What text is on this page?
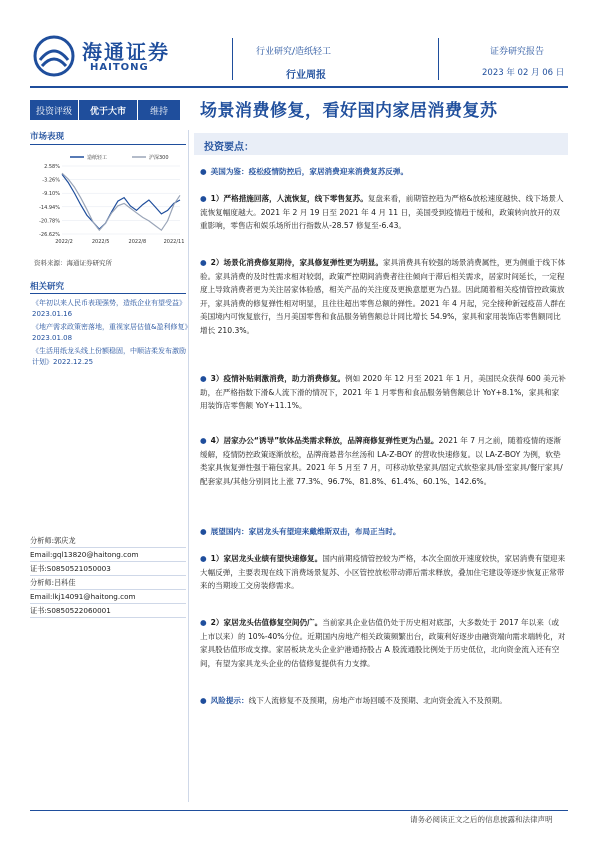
海通证券
HAITONG
行业研究/造纸轻工
行业周报
证券研究报告
2023 年 02 月 06 日
投资评级	优于大市	维持	场景消费修复，看好国内家居消费复苏
市场表现
2.58%
-3.26%
-9.10%
-14.94%
-20.78%
-26.62%
2022/2	2022/5	2022/8	2022/11
造纸轻工	沪深300
资料来源：海通证券研究所
相关研究
《年初以来人民币表现强势，造纸企业有望受益》2023.01.16
《地产需求政策密落地，重视家居估值&盈利修复》2023.01.08
《生活用纸龙头线上份额稳固，中顺洁柔发布激励计划》2022.12.25
分析师:郭庆龙
Email:gql13820@haitong.com
证书:S0850521050003
分析师:吕科佳
Email:lkj14091@haitong.com
证书:S0850522060001
投资要点：
● 美国为鉴：疫松疫情防控后，家居消费迎来消费复苏反弹。
● 1）严格措施回落，人流恢复，线下零售复苏。复盘来看，前期管控趋为严格&放松速度越快、线下场景人流恢复幅度越大。2021 年 2 月 19 日至 2021 年 4 月 11 日，美国受到疫情趋于缓和，政策转向放开的双重影响，零售店和娱乐场所出行指数从-28.57 修复至-6.43。
● 2）场景化消费修复期待，家具修复弹性更为明显。家具消费具有较强的场景消费属性，更为侧重于线下体验。家具消费的及时性需求相对较弱，政策严控期间消费者往往倾向于滞后相关需求，居家时间延长，一定程度上导致消费者更为关注居家体验感，相关产品的关注度及更换意愿更为凸显。因此随着相关疫情管控政策放开，家具消费的修复弹性相对明显，且往往超出零售总额的弹性。2021 年 4 月起，完全接种新冠疫苗人群在美国境内可恢复旅行，当月美国零售和食品服务销售额总计同比增长 54.9%，家具和家用装饰店零售额同比增长 210.3%。
● 3）疫情补贴刺激消费，助力消费修复。例如 2020 年 12 月至 2021 年 1 月，美国民众获得 600 美元补助，在严格指数下滑&人流下滑的情况下，2021 年 1 月零售和食品服务销售额总计 YoY+8.1%，家具和家用装饰店零售额 YoY+11.1%。
● 4）居家办公“诱导”软体品类需求释放，品牌商修复弹性更为凸显。2021 年 7 月之前，随着疫情的逐渐缓解，疫情防控政策逐渐放松，品牌商悬普尔丝汤和 LA-Z-BOY 的营收快速修复。以 LA-Z-BOY 为例，软垫类家具恢复弹性强于箱包家具。2021 年 5 月至 7 月，可移动软垫家具/固定式软垫家具/卧室家具/餐厅家具/配套家具/其他分别同比上涨 77.3%、96.7%、81.8%、61.4%、60.1%、142.6%。
● 展望国内：家居龙头有望迎来戴维斯双击，布局正当时。
● 1）家居龙头业绩有望快速修复。国内前期疫情管控较为严格，本次全面放开速度较快，家居消费有望迎来大幅反弹，主要表现在线下消费场景复苏、小区管控放松带动滞后需求释放，叠加住宅建设等逐步恢复正常带来的当期竣工交房装修需求。
● 2）家居龙头估值修复空间仍广。当前家具企业估值仍处于历史相对底部，大多数处于 2017 年以来（或上市以来）的 10%-40%分位。近期国内房地产相关政策频繁出台，政策利好逐步由融资端向需求端转化，对家具股估值形成支撑。家居板块龙头企业沪港通持股占 A 股流通股比例处于历史低位，北向资金流入还有空间，有望为家具龙头企业的估值修复提供有力支撑。
● 风险提示：线下人流修复不及预期，房地产市场回暖不及预期、北向资金流入不及预期。
请务必阅读正文之后的信息披露和法律声明
